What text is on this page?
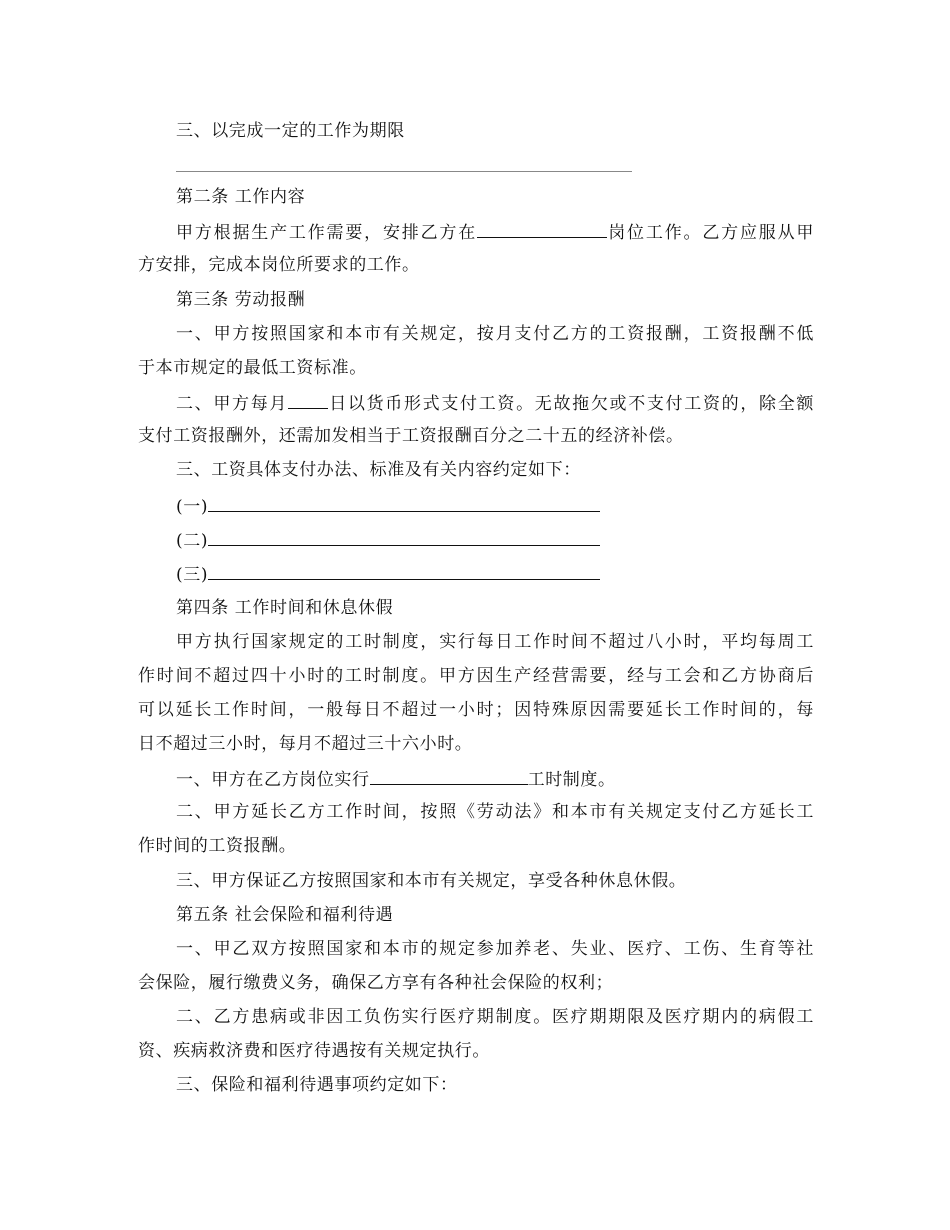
三、以完成一定的工作为期限
第二条 工作内容
甲方根据生产工作需要，安排乙方在	岗位工作。乙方应服从甲
方安排，完成本岗位所要求的工作。
第三条 劳动报酬
一、甲方按照国家和本市有关规定，按月支付乙方的工资报酬，工资报酬不低
于本市规定的最低工资标准。
二、甲方每月 日以货币形式支付工资。无故拖欠或不支付工资的，除全额
支付工资报酬外，还需加发相当于工资报酬百分之二十五的经济补偿。
三、工资具体支付办法、标准及有关内容约定如下：
(一)
(二)
(三)
第四条 工作时间和休息休假
甲方执行国家规定的工时制度，实行每日工作时间不超过八小时，平均每周工
作时间不超过四十小时的工时制度。甲方因生产经营需要，经与工会和乙方协商后
可以延长工作时间，一般每日不超过一小时；因特殊原因需要延长工作时间的，每
日不超过三小时，每月不超过三十六小时。
一、甲方在乙方岗位实行	工时制度。
二、甲方延长乙方工作时间，按照《劳动法》和本市有关规定支付乙方延长工
作时间的工资报酬。
三、甲方保证乙方按照国家和本市有关规定，享受各种休息休假。
第五条 社会保险和福利待遇
一、甲乙双方按照国家和本市的规定参加养老、失业、医疗、工伤、生育等社
会保险，履行缴费义务，确保乙方享有各种社会保险的权利；
二、乙方患病或非因工负伤实行医疗期制度。医疗期期限及医疗期内的病假工
资、疾病救济费和医疗待遇按有关规定执行。
三、保险和福利待遇事项约定如下：
